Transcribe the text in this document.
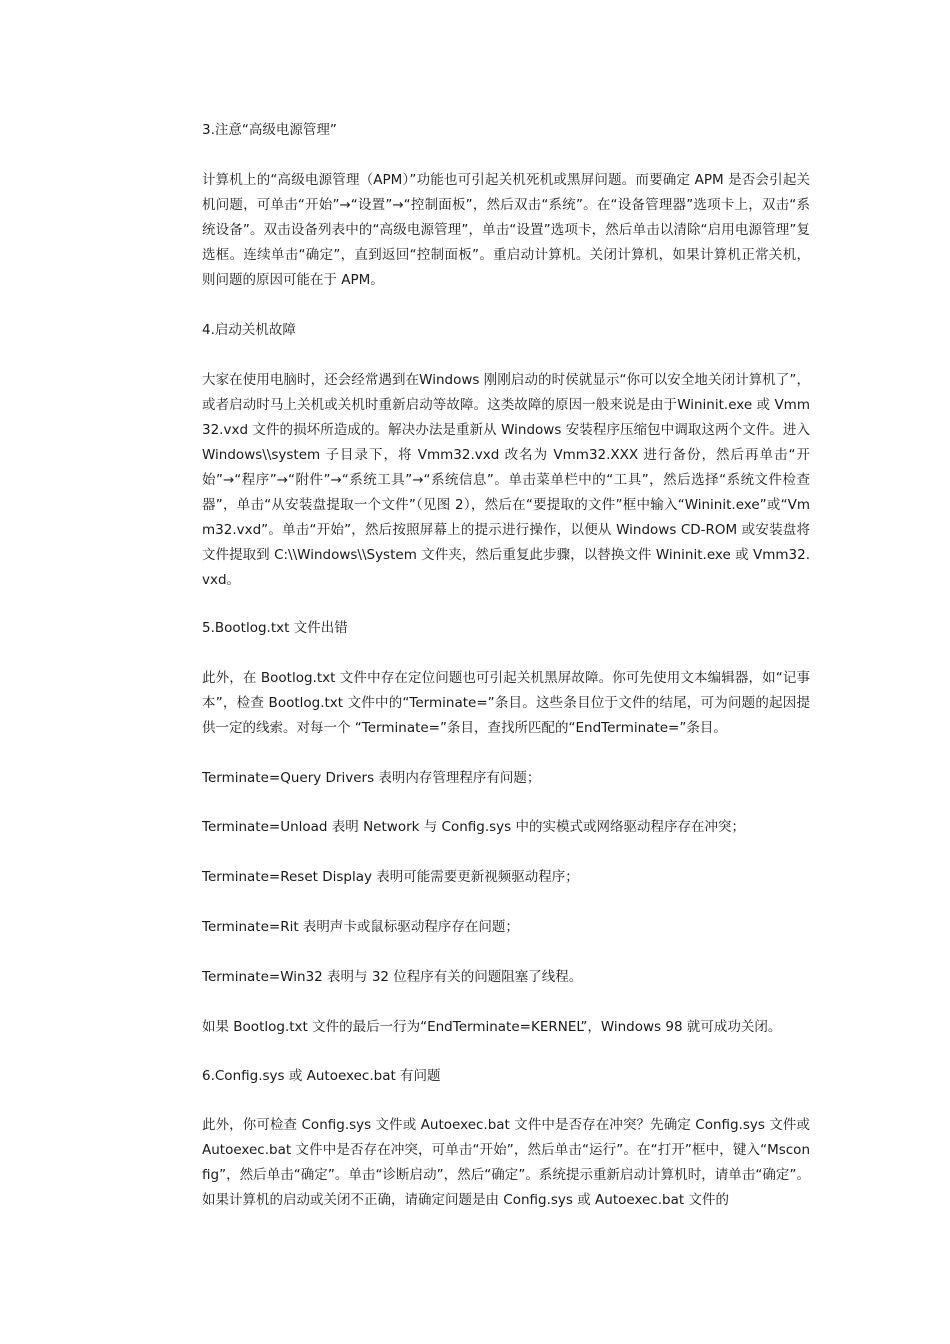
3.注意“高级电源管理”

计算机上的“高级电源管理（APM）”功能也可引起关机死机或黑屏问题。而要确定 APM 是否会引起关机问题，可单击“开始”→“设置”→“控制面板”，然后双击“系统”。在“设备管理器”选项卡上，双击“系统设备”。双击设备列表中的“高级电源管理”，单击“设置”选项卡，然后单击以清除“启用电源管理”复选框。连续单击“确定”，直到返回“控制面板”。重启动计算机。关闭计算机，如果计算机正常关机，则问题的原因可能在于 APM。

4.启动关机故障

大家在使用电脑时，还会经常遇到在Windows 刚刚启动的时侯就显示“你可以安全地关闭计算机了”，或者启动时马上关机或关机时重新启动等故障。这类故障的原因一般来说是由于Wininit.exe 或 Vmm32.vxd 文件的损坏所造成的。解决办法是重新从 Windows 安装程序压缩包中调取这两个文件。进入 Windows\\system 子目录下，将 Vmm32.vxd 改名为 Vmm32.XXX 进行备份，然后再单击“开始”→“程序”→“附件”→“系统工具”→“系统信息”。单击菜单栏中的“工具”，然后选择“系统文件检查器”，单击“从安装盘提取一个文件”（见图 2），然后在“要提取的文件”框中输入“Wininit.exe”或“Vmm32.vxd”。单击“开始”，然后按照屏幕上的提示进行操作，以便从 Windows CD-ROM 或安装盘将文件提取到 C:\\Windows\\System 文件夹，然后重复此步骤，以替换文件 Wininit.exe 或 Vmm32.vxd。

5.Bootlog.txt 文件出错

此外，在 Bootlog.txt 文件中存在定位问题也可引起关机黑屏故障。你可先使用文本编辑器，如“记事本”，检查 Bootlog.txt 文件中的“Terminate=”条目。这些条目位于文件的结尾，可为问题的起因提供一定的线索。对每一个 “Terminate=”条目，查找所匹配的“EndTerminate=”条目。

Terminate=Query Drivers 表明内存管理程序有问题；

Terminate=Unload 表明 Network 与 Config.sys 中的实模式或网络驱动程序存在冲突；

Terminate=Reset Display 表明可能需要更新视频驱动程序；

Terminate=Rit 表明声卡或鼠标驱动程序存在问题；

Terminate=Win32 表明与 32 位程序有关的问题阻塞了线程。

如果 Bootlog.txt 文件的最后一行为“EndTerminate=KERNEL”，Windows 98 就可成功关闭。

6.Config.sys 或 Autoexec.bat 有问题

此外，你可检查 Config.sys 文件或 Autoexec.bat 文件中是否存在冲突？先确定 Config.sys 文件或 Autoexec.bat 文件中是否存在冲突，可单击“开始”，然后单击“运行”。在“打开”框中，键入“Msconfig”，然后单击“确定”。单击“诊断启动”，然后“确定”。系统提示重新启动计算机时，请单击“确定”。如果计算机的启动或关闭不正确，请确定问题是由 Config.sys 或 Autoexec.bat 文件的
